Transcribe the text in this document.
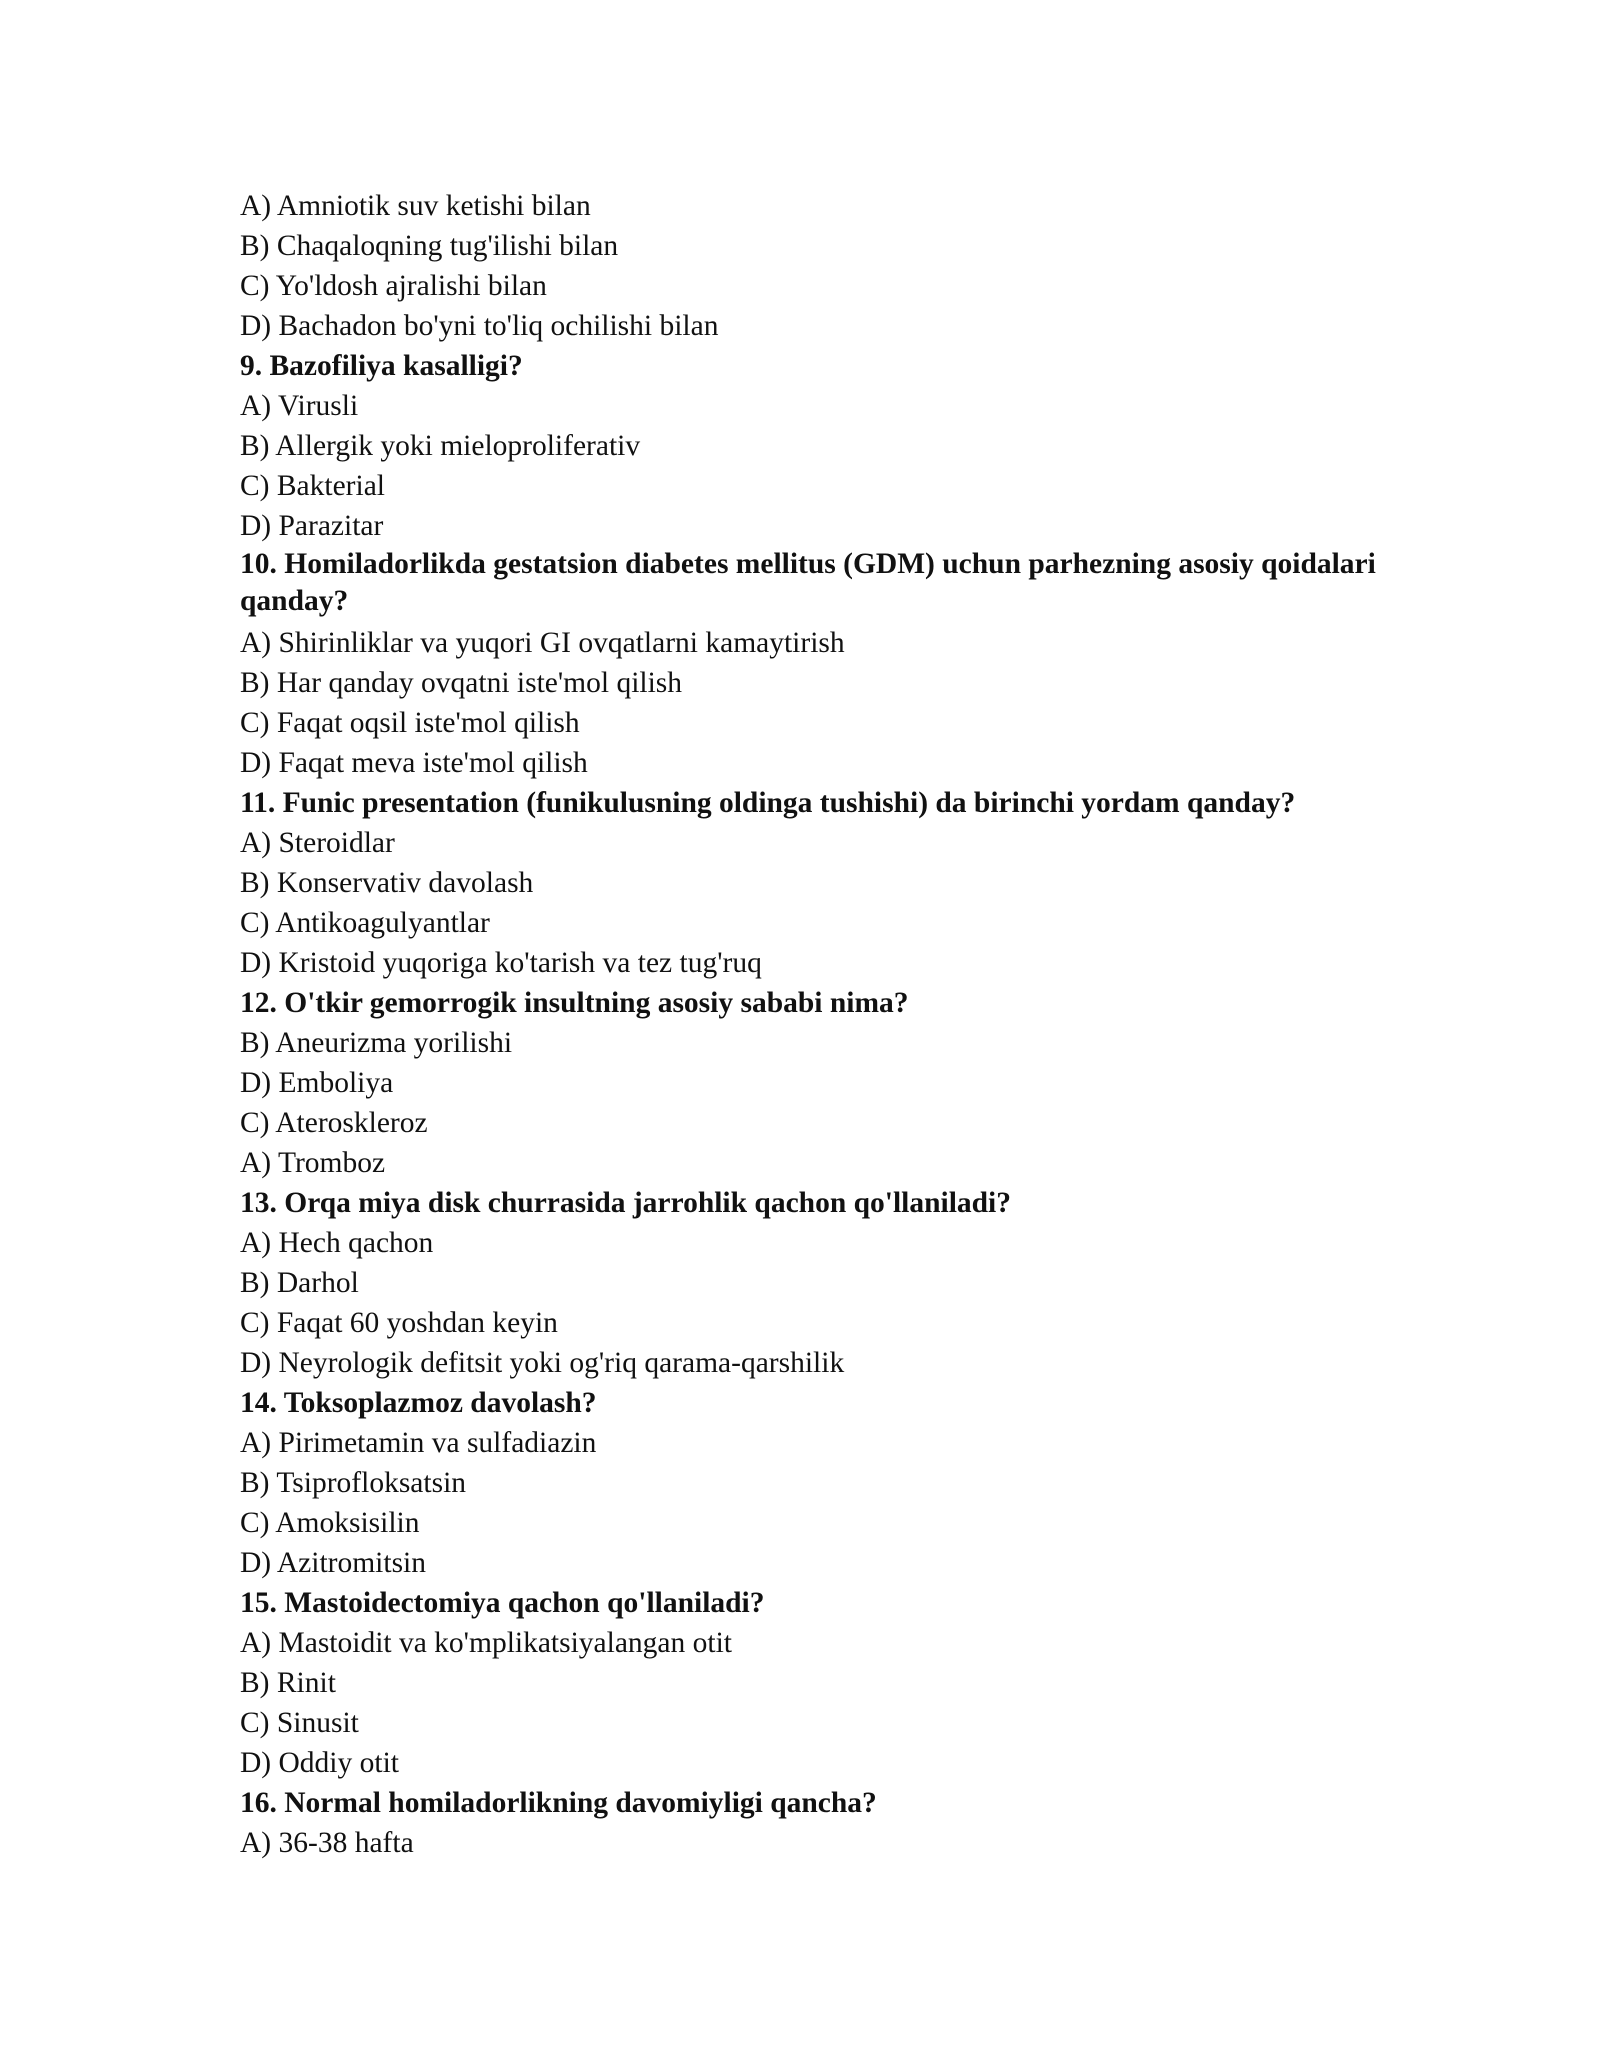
A) Amniotik suv ketishi bilan
B) Chaqaloqning tug'ilishi bilan
C) Yo'ldosh ajralishi bilan
D) Bachadon bo'yni to'liq ochilishi bilan
9. Bazofiliya kasalligi?
A) Virusli
B) Allergik yoki mieloproliferativ
C) Bakterial
D) Parazitar
10. Homiladorlikda gestatsion diabetes mellitus (GDM) uchun parhezning asosiy qoidalari qanday?
A) Shirinliklar va yuqori GI ovqatlarni kamaytirish
B) Har qanday ovqatni iste'mol qilish
C) Faqat oqsil iste'mol qilish
D) Faqat meva iste'mol qilish
11. Funic presentation (funikulusning oldinga tushishi) da birinchi yordam qanday?
A) Steroidlar
B) Konservativ davolash
C) Antikoagulyantlar
D) Kristoid yuqoriga ko'tarish va tez tug'ruq
12. O'tkir gemorrogik insultning asosiy sababi nima?
B) Aneurizma yorilishi
D) Emboliya
C) Ateroskleroz
A) Tromboz
13. Orqa miya disk churrasida jarrohlik qachon qo'llaniladi?
A) Hech qachon
B) Darhol
C) Faqat 60 yoshdan keyin
D) Neyrologik defitsit yoki og'riq qarama-qarshilik
14. Toksoplazmoz davolash?
A) Pirimetamin va sulfadiazin
B) Tsiprofloksatsin
C) Amoksisilin
D) Azitromitsin
15. Mastoidectomiya qachon qo'llaniladi?
A) Mastoidit va ko'mplikatsiyalangan otit
B) Rinit
C) Sinusit
D) Oddiy otit
16. Normal homiladorlikning davomiyligi qancha?
A) 36-38 hafta
